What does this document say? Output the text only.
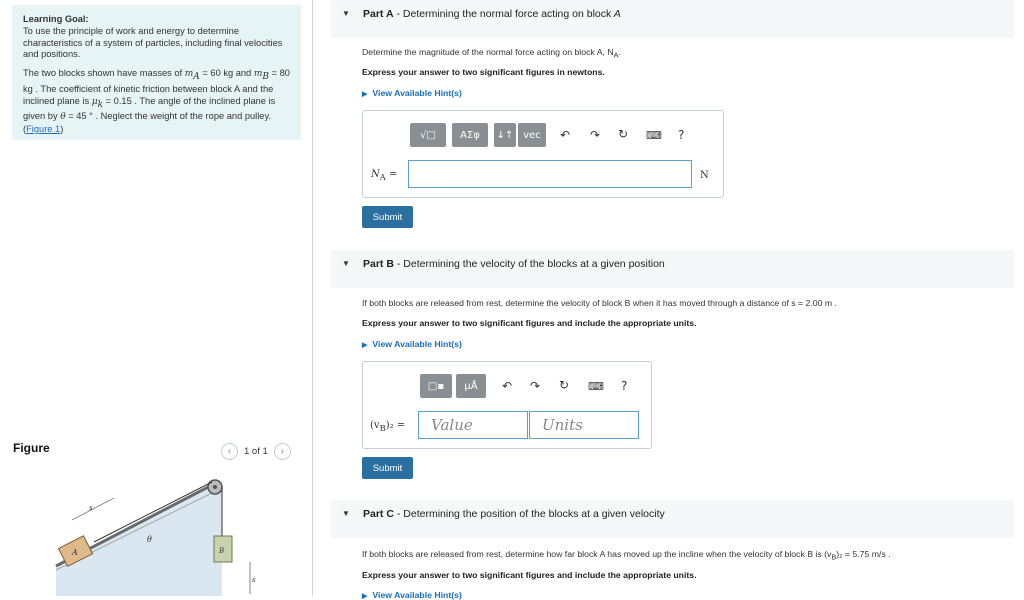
Learning Goal:

To use the principle of work and energy to determine characteristics of a system of particles, including final velocities and positions.

The two blocks shown have masses of $m_A = 60$ kg and $m_B = 80$ kg . The coefficient of kinetic friction between block A and the inclined plane is $\mu_k = 0.15$ . The angle of the inclined plane is given by θ = 45 ° . Neglect the weight of the rope and pulley.(Figure 1)

Figure	‹	1 of 1	›
A	B
θ
s
s
▼ Part A - Determining the normal force acting on block A
Determine the magnitude of the normal force acting on block A, $N_A$.
Express your answer to two significant figures in newtons.
▶ View Available Hint(s)
√□	ΑΣφ	↓↑ vec	↶ ↷ ↻ ⌨ ?
$N_A$ =	N
Submit
▼ Part B - Determining the velocity of the blocks at a given position
If both blocks are released from rest, determine the velocity of block B when it has moved through a distance of s = 2.00 m .
Express your answer to two significant figures and include the appropriate units.
▶ View Available Hint(s)
□▪	μÅ	↶ ↷ ↻ ⌨ ?
$(v_B)_2$ =	Value	Units
Submit
▼ Part C - Determining the position of the blocks at a given velocity
If both blocks are released from rest, determine how far block A has moved up the incline when the velocity of block B is $(v_B)_2 = 5.75$ m/s .
Express your answer to two significant figures and include the appropriate units.
▶ View Available Hint(s)
